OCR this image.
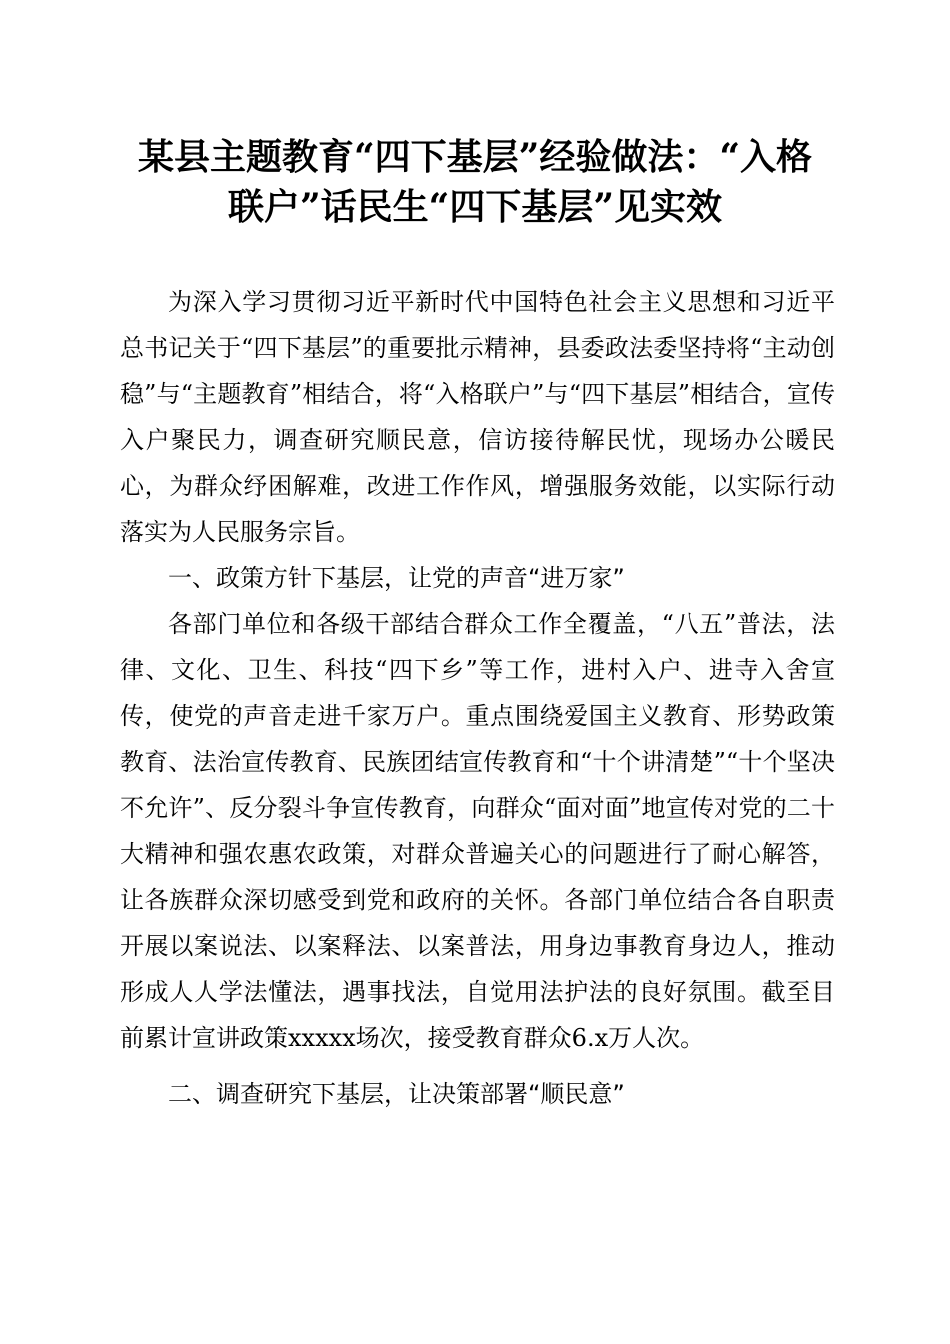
某县主题教育“四下基层”经验做法：“入格
联户”话民生“四下基层”见实效

为深入学习贯彻习近平新时代中国特色社会主义思想和习近平总书记关于“四下基层”的重要批示精神，县委政法委坚持将“主动创稳”与“主题教育”相结合，将“入格联户”与“四下基层”相结合，宣传入户聚民力，调查研究顺民意，信访接待解民忧，现场办公暖民心，为群众纾困解难，改进工作作风，增强服务效能，以实际行动落实为人民服务宗旨。

一、政策方针下基层，让党的声音“进万家”

各部门单位和各级干部结合群众工作全覆盖，“八五”普法，法律、文化、卫生、科技“四下乡”等工作，进村入户、进寺入舍宣传，使党的声音走进千家万户。重点围绕爱国主义教育、形势政策教育、法治宣传教育、民族团结宣传教育和“十个讲清楚”“十个坚决不允许”、反分裂斗争宣传教育，向群众“面对面”地宣传对党的二十大精神和强农惠农政策，对群众普遍关心的问题进行了耐心解答，让各族群众深切感受到党和政府的关怀。各部门单位结合各自职责开展以案说法、以案释法、以案普法，用身边事教育身边人，推动形成人人学法懂法，遇事找法，自觉用法护法的良好氛围。截至目前累计宣讲政策xxxxx场次，接受教育群众6.x万人次。

二、调查研究下基层，让决策部署“顺民意”
